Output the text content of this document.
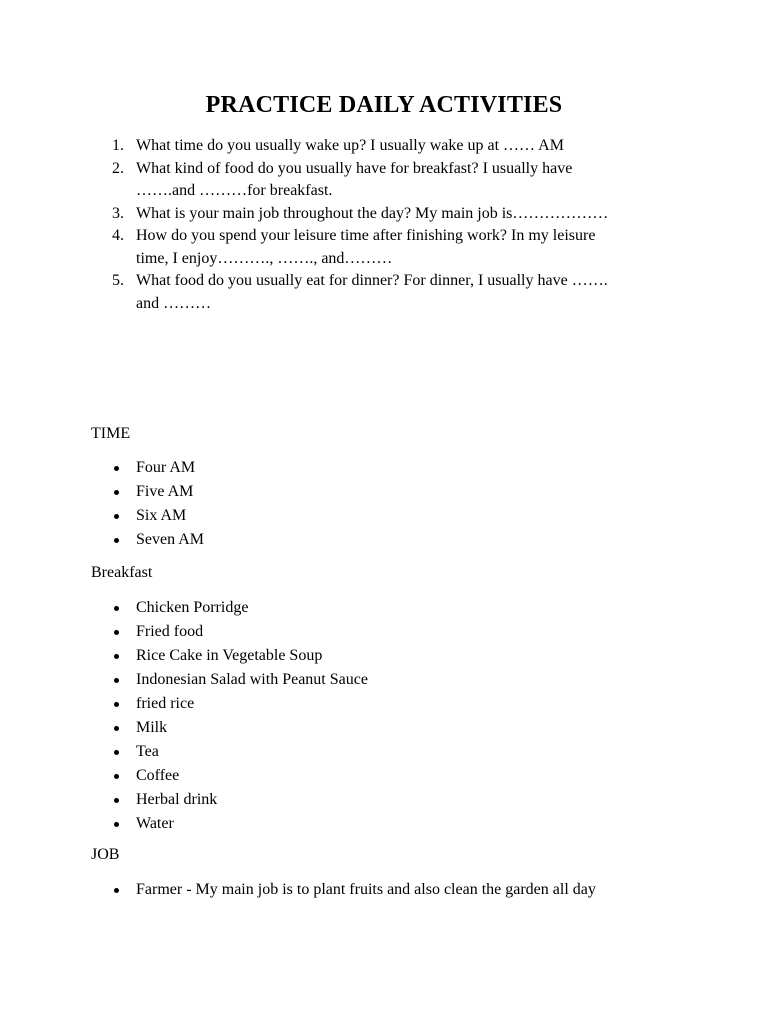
PRACTICE DAILY ACTIVITIES
1. What time do you usually wake up? I usually wake up at …… AM
2. What kind of food do you usually have for breakfast? I usually have
…….and ………for breakfast.
3. What is your main job throughout the day? My main job is………………
4. How do you spend your leisure time after finishing work? In my leisure
time, I enjoy………., ……., and………
5. What food do you usually eat for dinner? For dinner, I usually have …….
and ………

TIME

Four AM
Five AM
Six AM
Seven AM

Breakfast

Chicken Porridge
Fried food
Rice Cake in Vegetable Soup
Indonesian Salad with Peanut Sauce
fried rice
Milk
Tea
Coffee
Herbal drink
Water

JOB

Farmer - My main job is to plant fruits and also clean the garden all day
